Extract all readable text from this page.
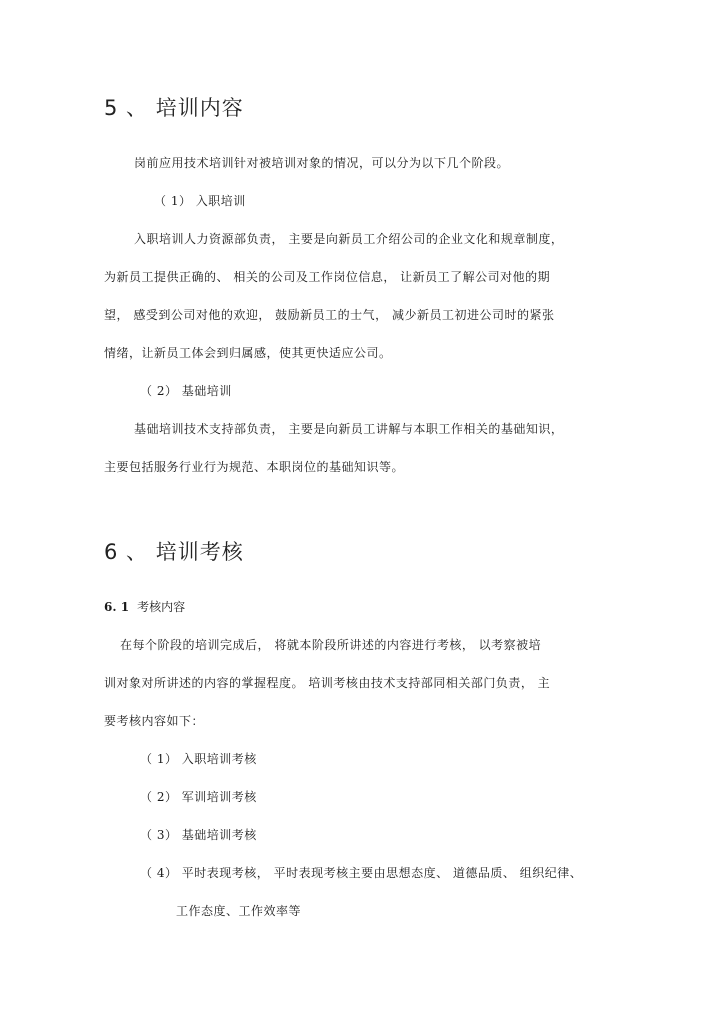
5 、 培训内容
岗前应用技术培训针对被培训对象的情况，可以分为以下几个阶段。
（ 1） 入职培训
入职培训人力资源部负责， 主要是向新员工介绍公司的企业文化和规章制度，
为新员工提供正确的、 相关的公司及工作岗位信息， 让新员工了解公司对他的期
望， 感受到公司对他的欢迎， 鼓励新员工的士气， 减少新员工初进公司时的紧张
情绪，让新员工体会到归属感，使其更快适应公司。
（ 2） 基础培训
基础培训技术支持部负责， 主要是向新员工讲解与本职工作相关的基础知识，
主要包括服务行业行为规范、本职岗位的基础知识等。
6 、 培训考核
6. 1 考核内容
在每个阶段的培训完成后， 将就本阶段所讲述的内容进行考核， 以考察被培
训对象对所讲述的内容的掌握程度。 培训考核由技术支持部同相关部门负责， 主
要考核内容如下：
（ 1） 入职培训考核
（ 2） 军训培训考核
（ 3） 基础培训考核
（ 4） 平时表现考核， 平时表现考核主要由思想态度、 道德品质、 组织纪律、
工作态度、工作效率等
